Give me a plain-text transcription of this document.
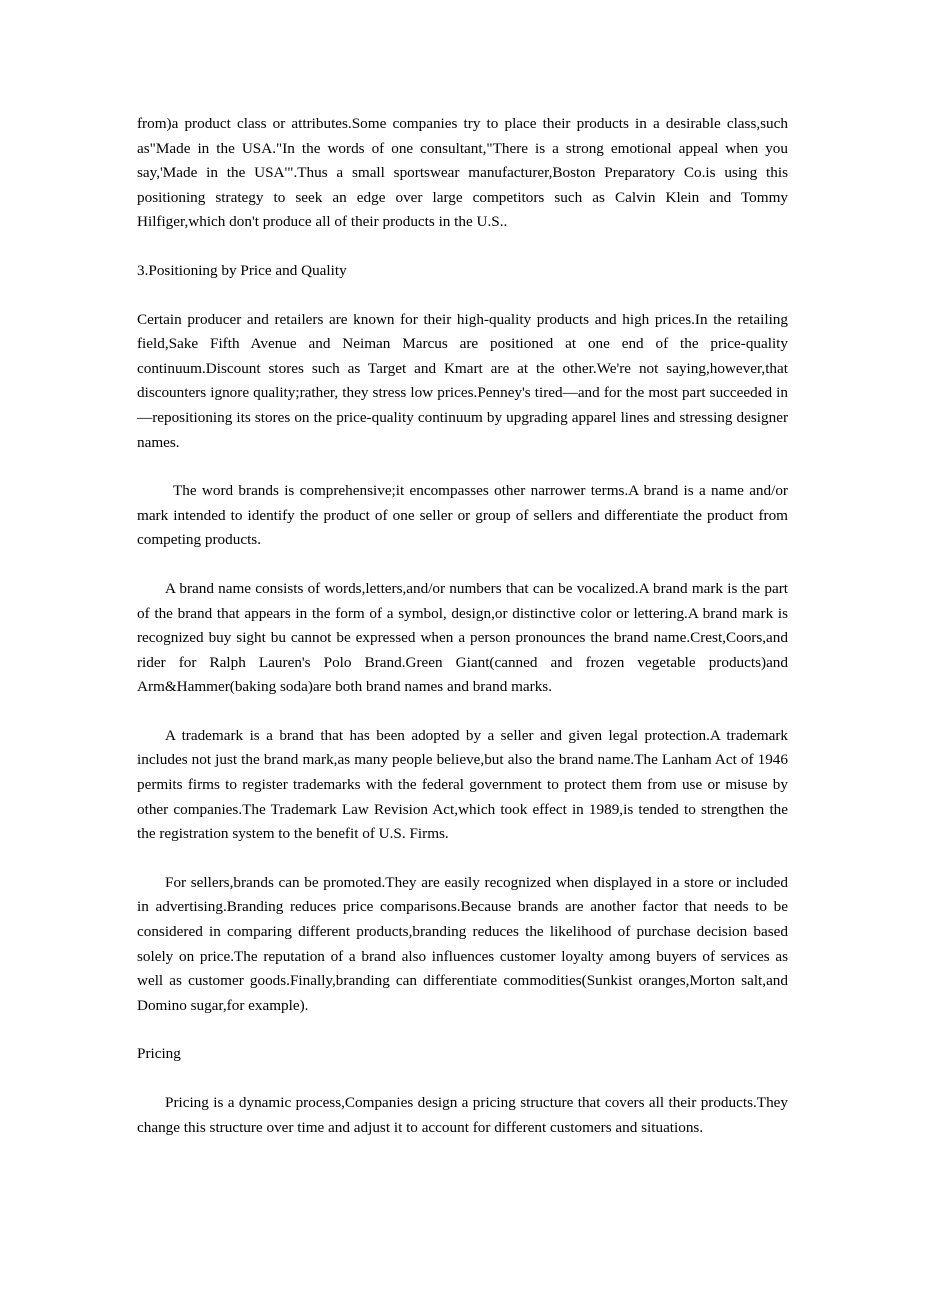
from)a product class or attributes.Some companies try to place their products in a desirable class,such as"Made in the USA."In the words of one consultant,"There is a strong emotional appeal when you say,'Made in the USA'".Thus a small sportswear manufacturer,Boston Preparatory Co.is using this positioning strategy to seek an edge over large competitors such as Calvin Klein and Tommy Hilfiger,which don't produce all of their products in the U.S..

3.Positioning by Price and Quality

Certain producer and retailers are known for their high-quality products and high prices.In the retailing field,Sake Fifth Avenue and Neiman Marcus are positioned at one end of the price-quality continuum.Discount stores such as Target and Kmart are at the other.We're not saying,however,that discounters ignore quality;rather, they stress low prices.Penney's tired—and for the most part succeeded in—repositioning its stores on the price-quality continuum by upgrading apparel lines and stressing designer names.

The word brands is comprehensive;it encompasses other narrower terms.A brand is a name and/or mark intended to identify the product of one seller or group of sellers and differentiate the product from competing products.

A brand name consists of words,letters,and/or numbers that can be vocalized.A brand mark is the part of the brand that appears in the form of a symbol, design,or distinctive color or lettering.A brand mark is recognized buy sight bu cannot be expressed when a person pronounces the brand name.Crest,Coors,and rider for Ralph Lauren's Polo Brand.Green Giant(canned and frozen vegetable products)and Arm&Hammer(baking soda)are both brand names and brand marks.

A trademark is a brand that has been adopted by a seller and given legal protection.A trademark includes not just the brand mark,as many people believe,but also the brand name.The Lanham Act of 1946 permits firms to register trademarks with the federal government to protect them from use or misuse by other companies.The Trademark Law Revision Act,which took effect in 1989,is tended to strengthen the the registration system to the benefit of U.S. Firms.

For sellers,brands can be promoted.They are easily recognized when displayed in a store or included in advertising.Branding reduces price comparisons.Because brands are another factor that needs to be considered in comparing different products,branding reduces the likelihood of purchase decision based solely on price.The reputation of a brand also influences customer loyalty among buyers of services as well as customer goods.Finally,branding can differentiate commodities(Sunkist oranges,Morton salt,and Domino sugar,for example).

Pricing

Pricing is a dynamic process,Companies design a pricing structure that covers all their products.They change this structure over time and adjust it to account for different customers and situations.
